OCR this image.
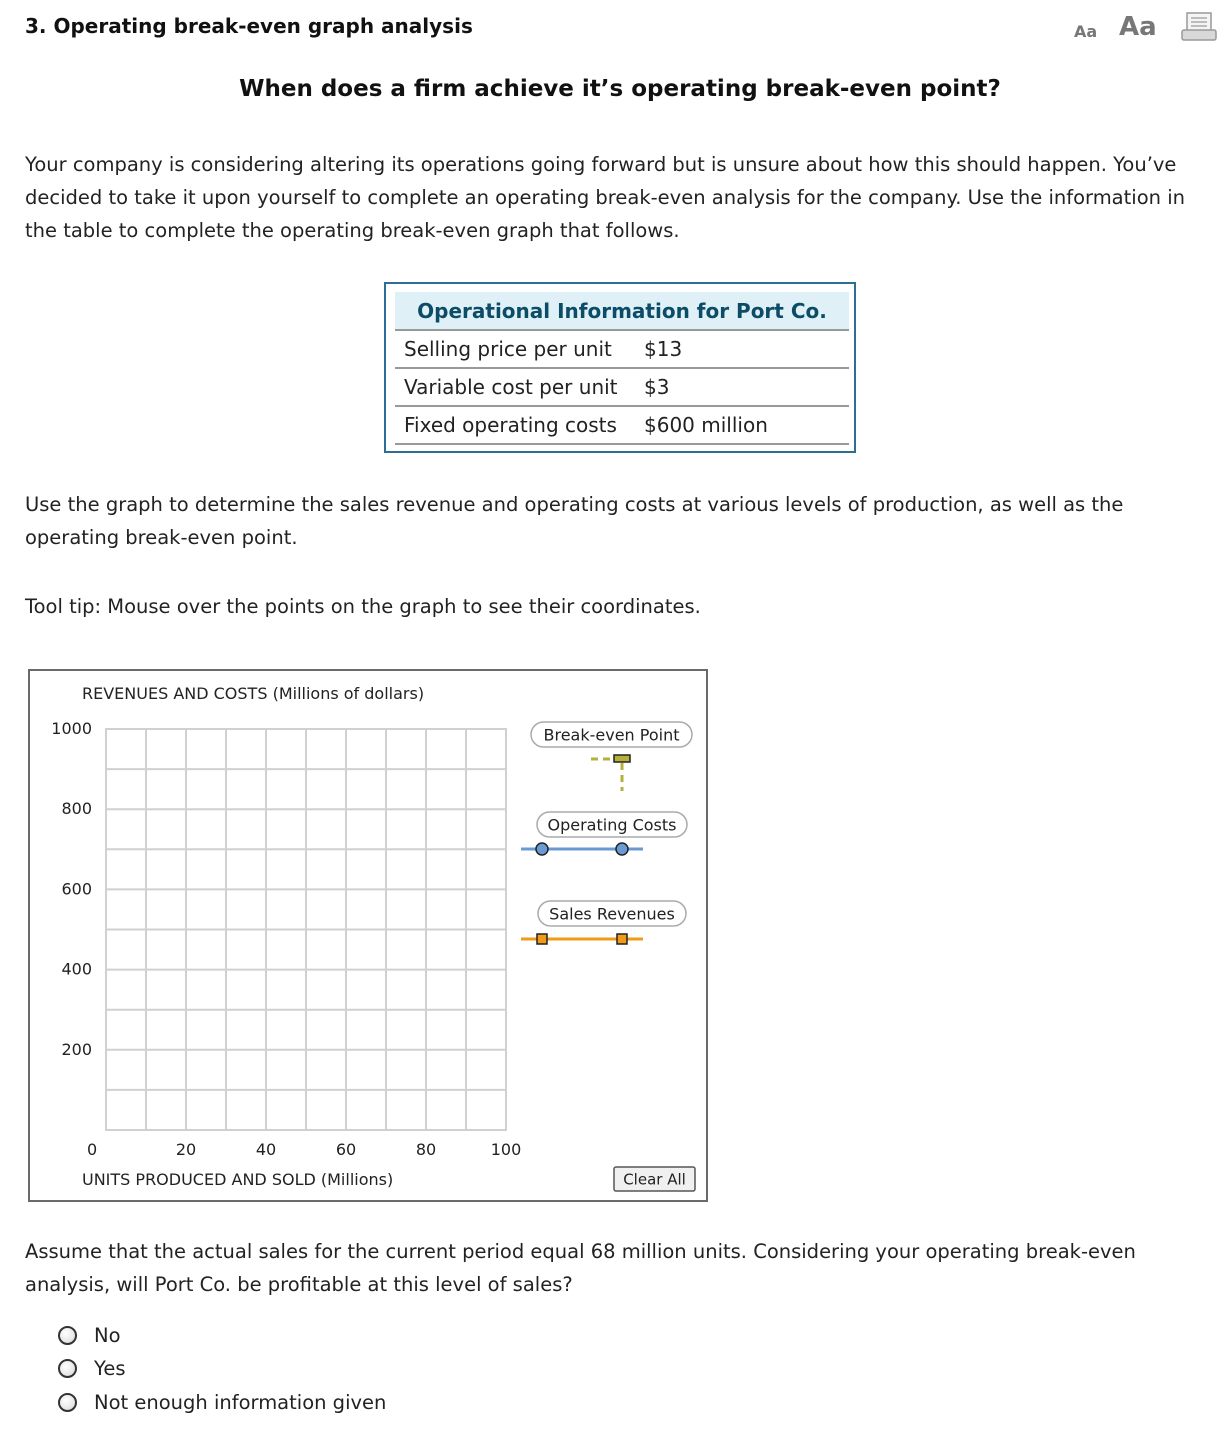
3. Operating break-even graph analysis	Aa Aa
When does a firm achieve it’s operating break-even point?
Your company is considering altering its operations going forward but is unsure about how this should happen. You’ve decided to take it upon yourself to complete an operating break-even analysis for the company. Use the information in the table to complete the operating break-even graph that follows.
Operational Information for Port Co.	
Selling price per unit	$13
Variable cost per unit	$3
Fixed operating costs	$600 million
Use the graph to determine the sales revenue and operating costs at various levels of production, as well as the operating break-even point.
Tool tip: Mouse over the points on the graph to see their coordinates.
REVENUES AND COSTS (Millions of dollars)
0	20	40	60	80	100
200
400
600
800
1000
UNITS PRODUCED AND SOLD (Millions)
Break-even Point
Operating Costs
Sales Revenues
Clear All
Assume that the actual sales for the current period equal 68 million units. Considering your operating break-even analysis, will Port Co. be profitable at this level of sales?
No
Yes
Not enough information given
